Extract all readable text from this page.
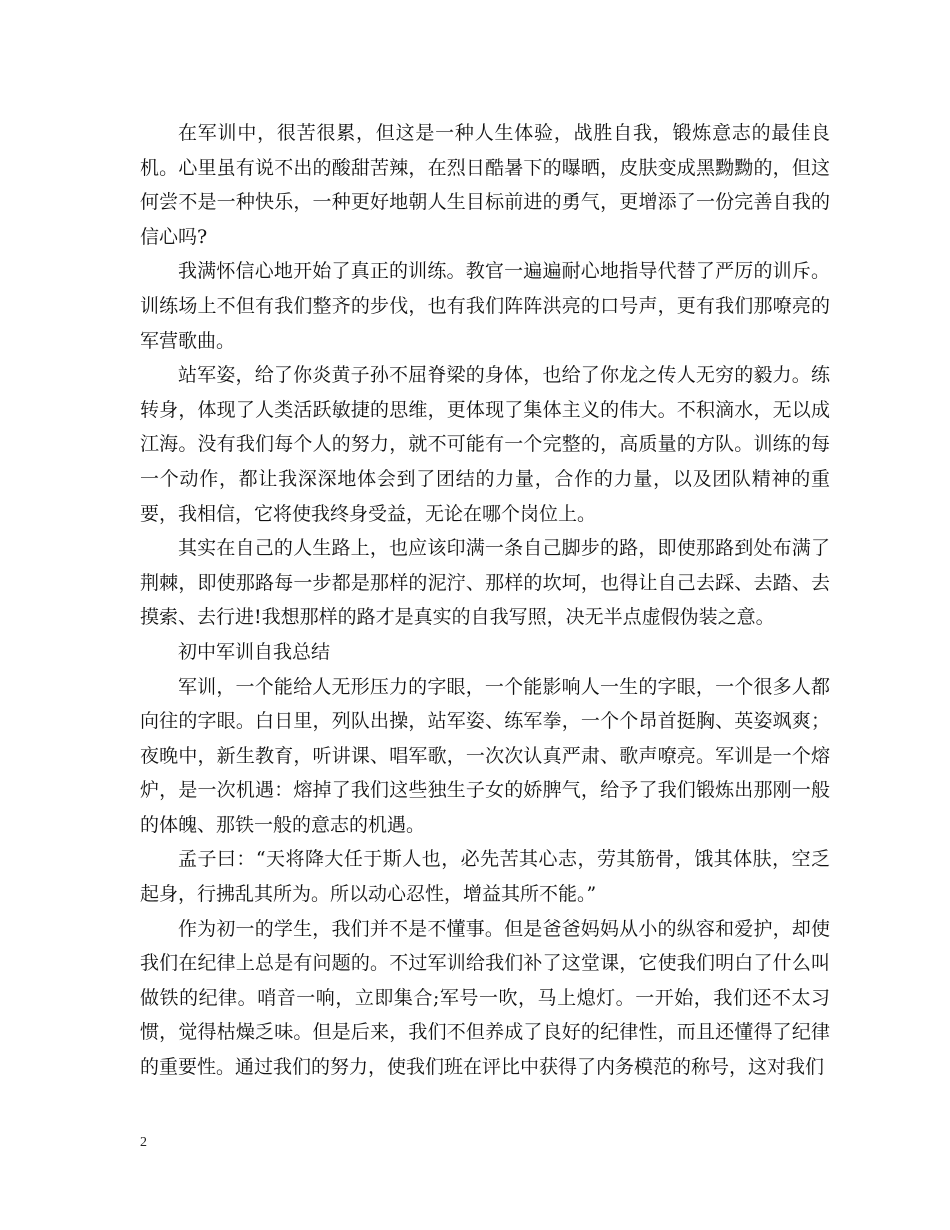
在军训中，很苦很累，但这是一种人生体验，战胜自我，锻炼意志的最佳良机。心里虽有说不出的酸甜苦辣，在烈日酷暑下的曝晒，皮肤变成黑黝黝的，但这何尝不是一种快乐，一种更好地朝人生目标前进的勇气，更增添了一份完善自我的信心吗?

我满怀信心地开始了真正的训练。教官一遍遍耐心地指导代替了严厉的训斥。训练场上不但有我们整齐的步伐，也有我们阵阵洪亮的口号声，更有我们那嘹亮的军营歌曲。

站军姿，给了你炎黄子孙不屈脊梁的身体，也给了你龙之传人无穷的毅力。练转身，体现了人类活跃敏捷的思维，更体现了集体主义的伟大。不积滴水，无以成江海。没有我们每个人的努力，就不可能有一个完整的，高质量的方队。训练的每一个动作，都让我深深地体会到了团结的力量，合作的力量，以及团队精神的重要，我相信，它将使我终身受益，无论在哪个岗位上。

其实在自己的人生路上，也应该印满一条自己脚步的路，即使那路到处布满了荆棘，即使那路每一步都是那样的泥泞、那样的坎坷，也得让自己去踩、去踏、去摸索、去行进!我想那样的路才是真实的自我写照，决无半点虚假伪装之意。

初中军训自我总结

军训，一个能给人无形压力的字眼，一个能影响人一生的字眼，一个很多人都向往的字眼。白日里，列队出操，站军姿、练军拳，一个个昂首挺胸、英姿飒爽；夜晚中，新生教育，听讲课、唱军歌，一次次认真严肃、歌声嘹亮。军训是一个熔炉，是一次机遇：熔掉了我们这些独生子女的娇脾气，给予了我们锻炼出那刚一般的体魄、那铁一般的意志的机遇。

孟子曰：“天将降大任于斯人也，必先苦其心志，劳其筋骨，饿其体肤，空乏起身，行拂乱其所为。所以动心忍性，增益其所不能。”

作为初一的学生，我们并不是不懂事。但是爸爸妈妈从小的纵容和爱护，却使我们在纪律上总是有问题的。不过军训给我们补了这堂课，它使我们明白了什么叫做铁的纪律。哨音一响，立即集合;军号一吹，马上熄灯。一开始，我们还不太习惯，觉得枯燥乏味。但是后来，我们不但养成了良好的纪律性，而且还懂得了纪律的重要性。通过我们的努力，使我们班在评比中获得了内务模范的称号，这对我们

2
